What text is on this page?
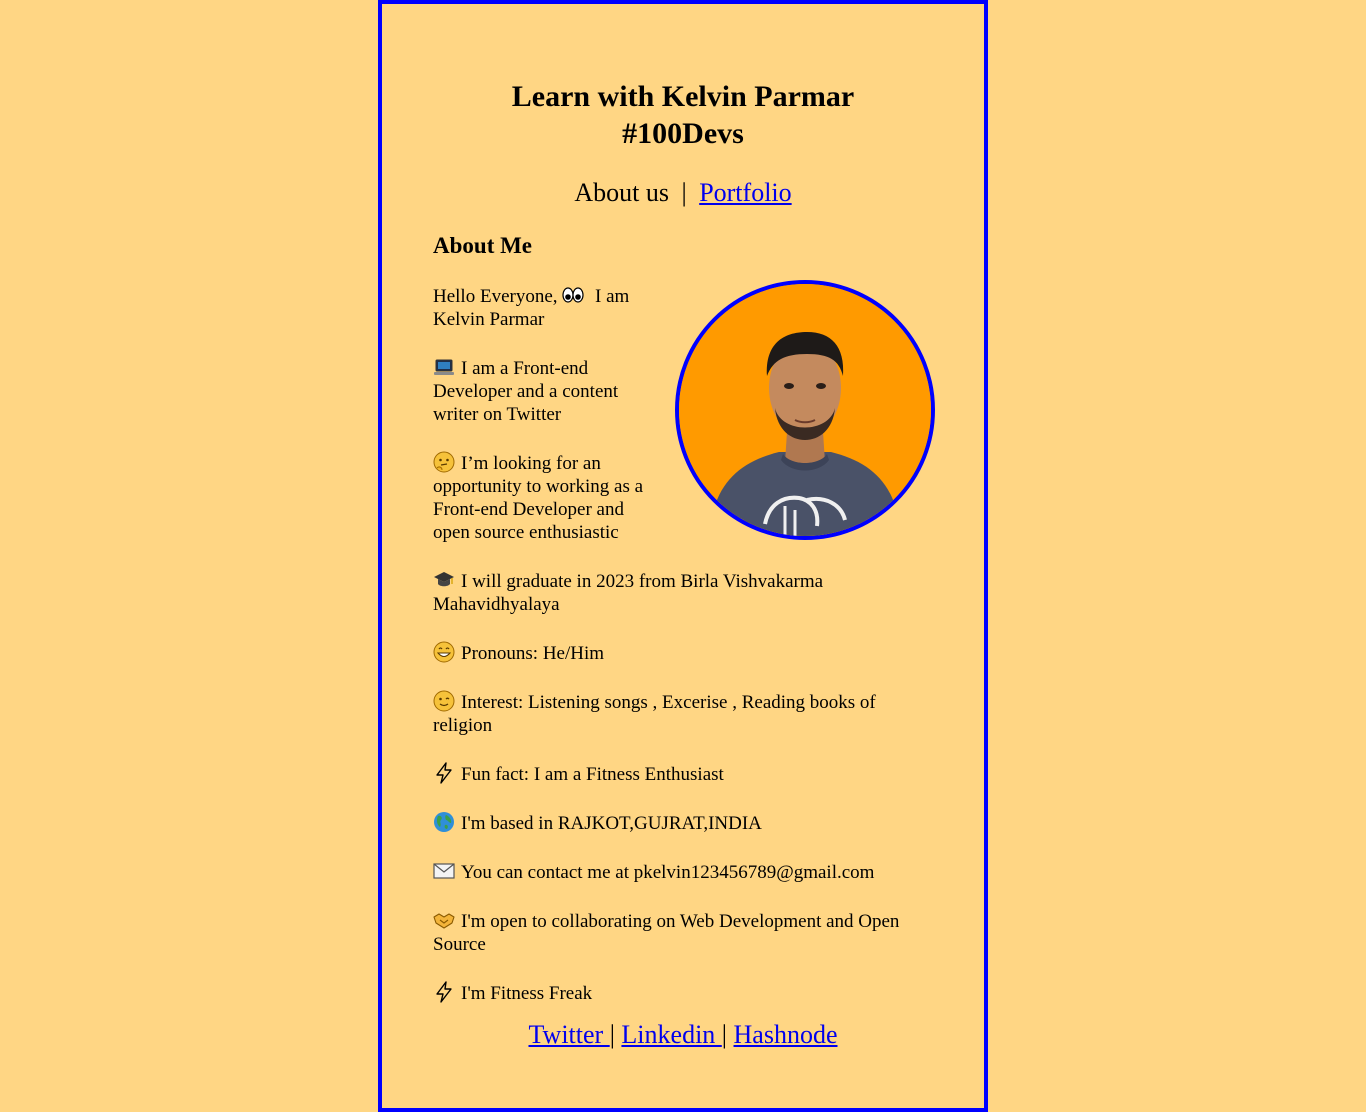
Learn with Kelvin Parmar
#100Devs
About us | Portfolio
About Me

Hello Everyone,  I am Kelvin Parmar

I am a Front-end Developer and a content writer on Twitter

I’m looking for an opportunity to working as a Front-end Developer and open source enthusiastic

I will graduate in 2023 from Birla Vishvakarma Mahavidhyalaya

Pronouns: He/Him

Interest: Listening songs , Excerise , Reading books of religion

Fun fact: I am a Fitness Enthusiast

I'm based in RAJKOT,GUJRAT,INDIA

You can contact me at pkelvin123456789@gmail.com

I'm open to collaborating on Web Development and Open Source

I'm Fitness Freak

Twitter | Linkedin | Hashnode
